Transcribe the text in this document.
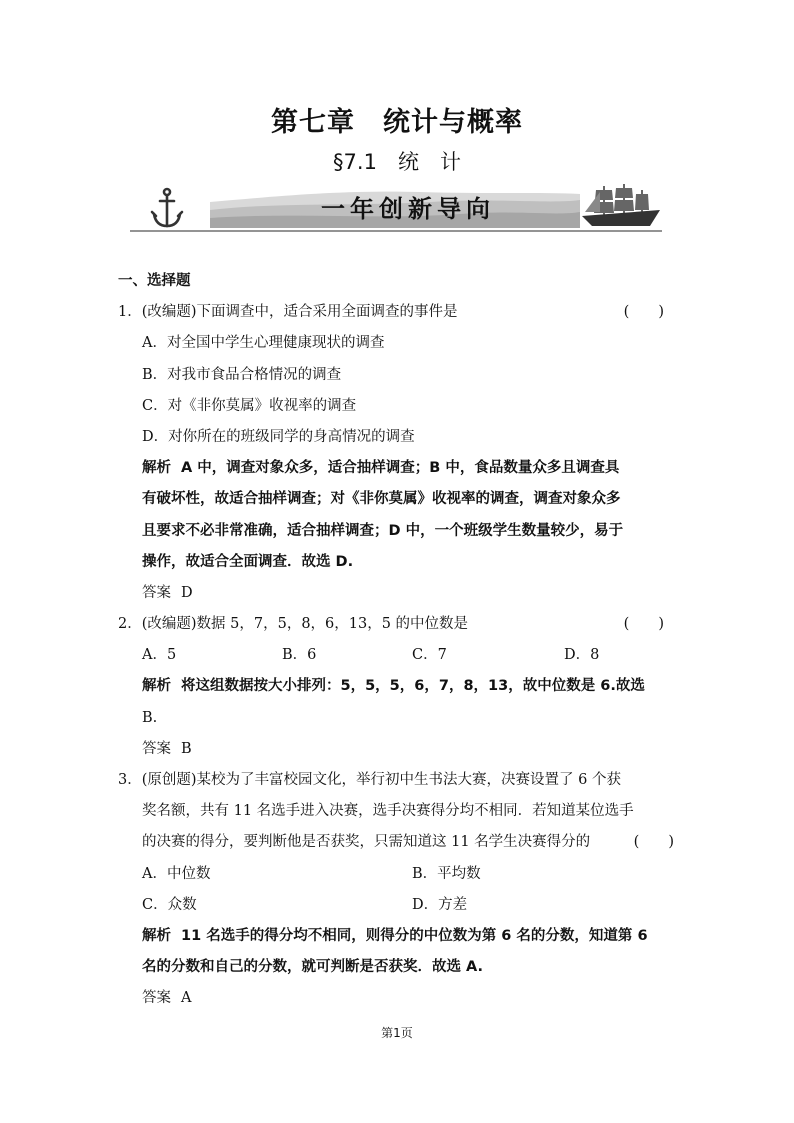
第七章　统计与概率
§7.1　统　计
一年创新导向
一、选择题
1．(改编题)下面调查中，适合采用全面调查的事件是	(　　)
A．对全国中学生心理健康现状的调查
B．对我市食品合格情况的调查
C．对《非你莫属》收视率的调查
D．对你所在的班级同学的身高情况的调查
解析 A 中，调查对象众多，适合抽样调查；B 中，食品数量众多且调查具
有破坏性，故适合抽样调查；对《非你莫属》收视率的调查，调查对象众多
且要求不必非常准确，适合抽样调查；D 中，一个班级学生数量较少，易于
操作，故适合全面调查．故选 D.
答案 D
2．(改编题)数据 5，7，5，8，6，13，5 的中位数是	(　　)
A．5	B．6	C．7	D．8
解析 将这组数据按大小排列：5，5，5，6，7，8，13，故中位数是 6.故选
B.
答案 B
3．(原创题)某校为了丰富校园文化，举行初中生书法大赛，决赛设置了 6 个获
奖名额，共有 11 名选手进入决赛，选手决赛得分均不相同．若知道某位选手
的决赛的得分，要判断他是否获奖，只需知道这 11 名学生决赛得分的	(　　)
A．中位数	B．平均数
C．众数	D．方差
解析 11 名选手的得分均不相同，则得分的中位数为第 6 名的分数，知道第 6
名的分数和自己的分数，就可判断是否获奖．故选 A.
答案 A
第1页
